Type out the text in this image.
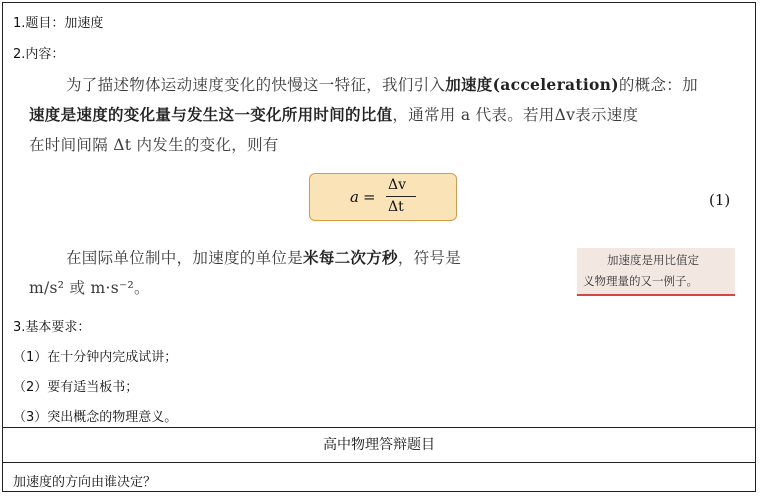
1.题目：加速度
2.内容：
为了描述物体运动速度变化的快慢这一特征，我们引入加速度(acceleration)的概念：加
速度是速度的变化量与发生这一变化所用时间的比值，通常用 a 代表。若用Δv表示速度
在时间间隔 Δt 内发生的变化，则有
a =
Δv
Δt	(1)
在国际单位制中，加速度的单位是米每二次方秒，符号是
m/s² 或 m·s⁻²。
加速度是用比值定
义物理量的又一例子。
3.基本要求：
（1）在十分钟内完成试讲；
（2）要有适当板书；
（3）突出概念的物理意义。
高中物理答辩题目
加速度的方向由谁决定？
